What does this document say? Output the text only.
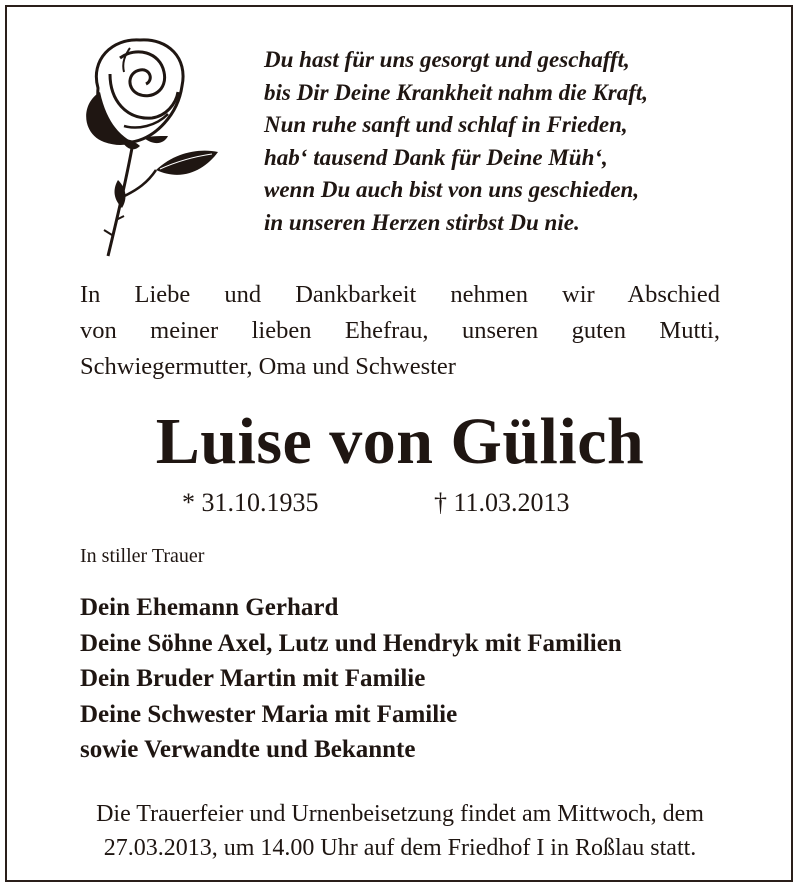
Du hast für uns gesorgt und geschafft,
bis Dir Deine Krankheit nahm die Kraft,
Nun ruhe sanft und schlaf in Frieden,
hab‘ tausend Dank für Deine Müh‘,
wenn Du auch bist von uns geschieden,
in unseren Herzen stirbst Du nie.
In Liebe und Dankbarkeit nehmen wir Abschied
von meiner lieben Ehefrau, unseren guten Mutti,
Schwiegermutter, Oma und Schwester
Luise von Gülich
* 31.10.1935	† 11.03.2013
In stiller Trauer
Dein Ehemann Gerhard
Deine Söhne Axel, Lutz und Hendryk mit Familien
Dein Bruder Martin mit Familie
Deine Schwester Maria mit Familie
sowie Verwandte und Bekannte
Die Trauerfeier und Urnenbeisetzung findet am Mittwoch, dem
27.03.2013, um 14.00 Uhr auf dem Friedhof I in Roßlau statt.
